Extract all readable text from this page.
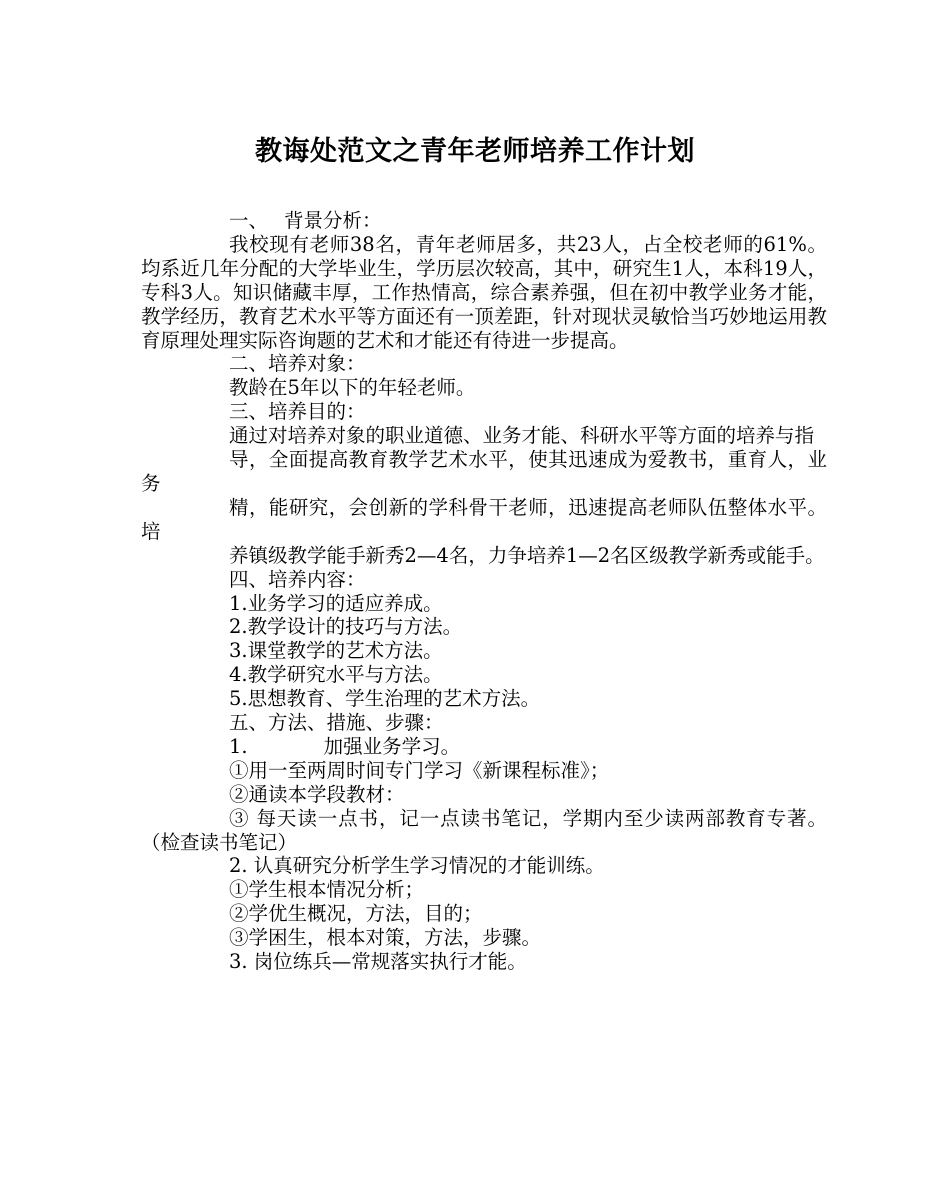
教诲处范文之青年老师培养工作计划

一、 背景分析：

我校现有老师38名，青年老师居多，共23人，占全校老师的61%。均系近几年分配的大学毕业生，学历层次较高，其中，研究生1人，本科19人，专科3人。知识储藏丰厚，工作热情高，综合素养强，但在初中教学业务才能，教学经历，教育艺术水平等方面还有一顶差距，针对现状灵敏恰当巧妙地运用教育原理处理实际咨询题的艺术和才能还有待进一步提高。

二、培养对象：

教龄在5年以下的年轻老师。

三、培养目的：

通过对培养对象的职业道德、业务才能、科研水平等方面的培养与指

导，全面提高教育教学艺术水平，使其迅速成为爱教书，重育人，业务

精，能研究，会创新的学科骨干老师，迅速提高老师队伍整体水平。培

养镇级教学能手新秀2—4名，力争培养1—2名区级教学新秀或能手。

四、培养内容：

1.业务学习的适应养成。

2.教学设计的技巧与方法。

3.课堂教学的艺术方法。

4.教学研究水平与方法。

5.思想教育、学生治理的艺术方法。

五、方法、措施、步骤：

1.	加强业务学习。

①用一至两周时间专门学习《新课程标准》；

②通读本学段教材：

③ 每天读一点书，记一点读书笔记，学期内至少读两部教育专著。（检查读书笔记）

2. 认真研究分析学生学习情况的才能训练。

①学生根本情况分析；

②学优生概况，方法，目的；

③学困生，根本对策，方法，步骤。

3. 岗位练兵—常规落实执行才能。
